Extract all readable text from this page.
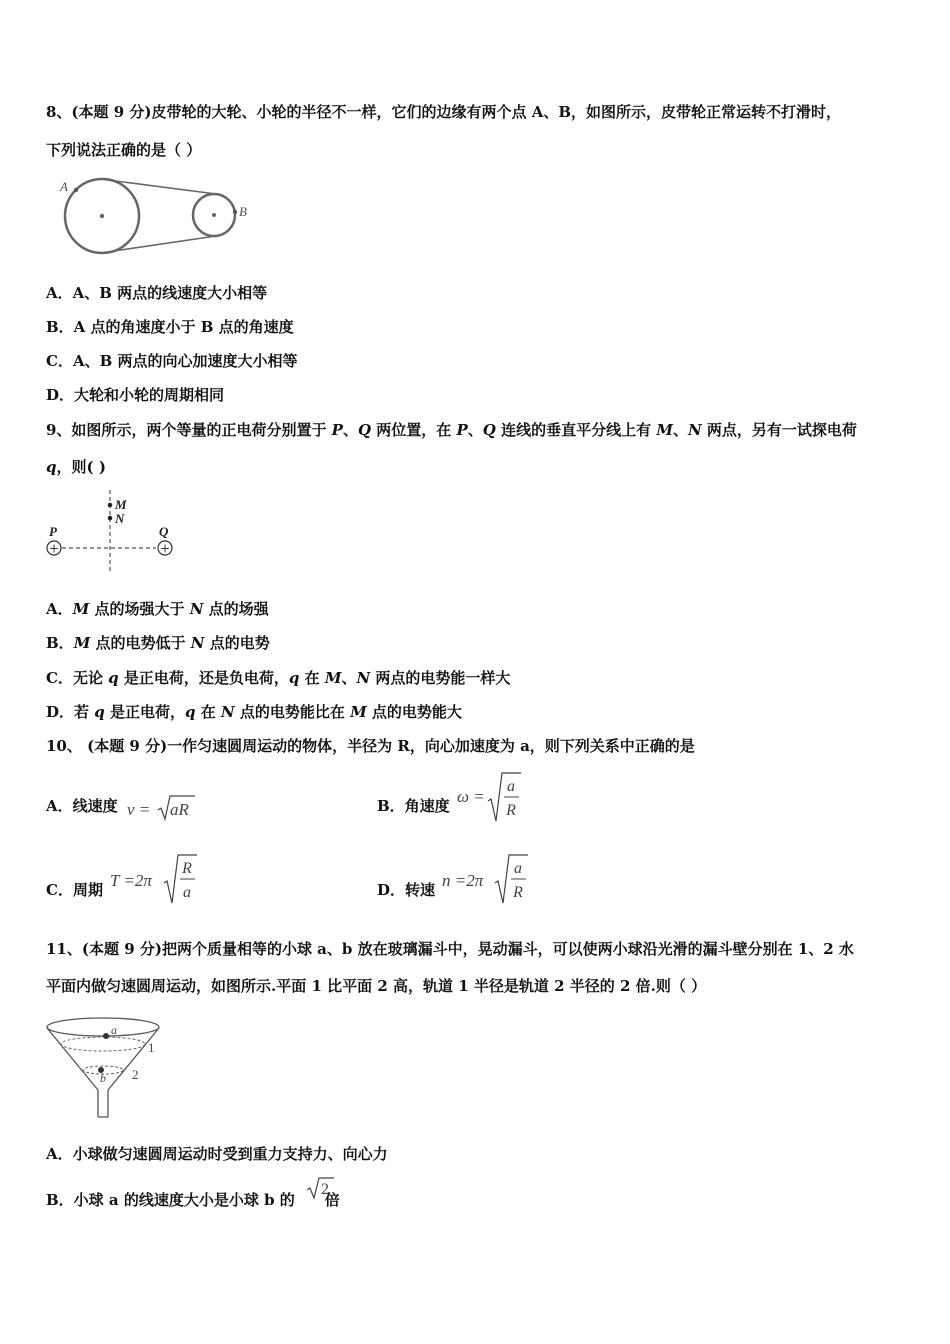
8、(本题 9 分)皮带轮的大轮、小轮的半径不一样，它们的边缘有两个点 A、B，如图所示，皮带轮正常运转不打滑时，
下列说法正确的是（ ）
A
B
A．A、B 两点的线速度大小相等
B．A 点的角速度小于 B 点的角速度
C．A、B 两点的向心加速度大小相等
D．大轮和小轮的周期相同
9、如图所示，两个等量的正电荷分别置于 P、Q 两位置，在 P、Q 连线的垂直平分线上有 M、N 两点，另有一试探电荷
q，则( )
M
N
+	+
P	Q
A．M 点的场强大于 N 点的场强
B．M 点的电势低于 N 点的电势
C．无论 q 是正电荷，还是负电荷，q 在 M、N 两点的电势能一样大
D．若 q 是正电荷，q 在 N 点的电势能比在 M 点的电势能大
10、 (本题 9 分)一作匀速圆周运动的物体，半径为 R，向心加速度为 a，则下列关系中正确的是
A．线速度 v = aR	B．角速度 ω =
a
R
C．周期 T =2π
R
a	D．转速 n =2π
a
R
11、(本题 9 分)把两个质量相等的小球 a、b 放在玻璃漏斗中，晃动漏斗，可以使两小球沿光滑的漏斗壁分别在 1、2 水
平面内做匀速圆周运动，如图所示.平面 1 比平面 2 高，轨道 1 半径是轨道 2 半径的 2 倍.则（ ）
a
b
1
2
A．小球做匀速圆周运动时受到重力支持力、向心力
B．小球 a 的线速度大小是小球 b 的 倍
2
